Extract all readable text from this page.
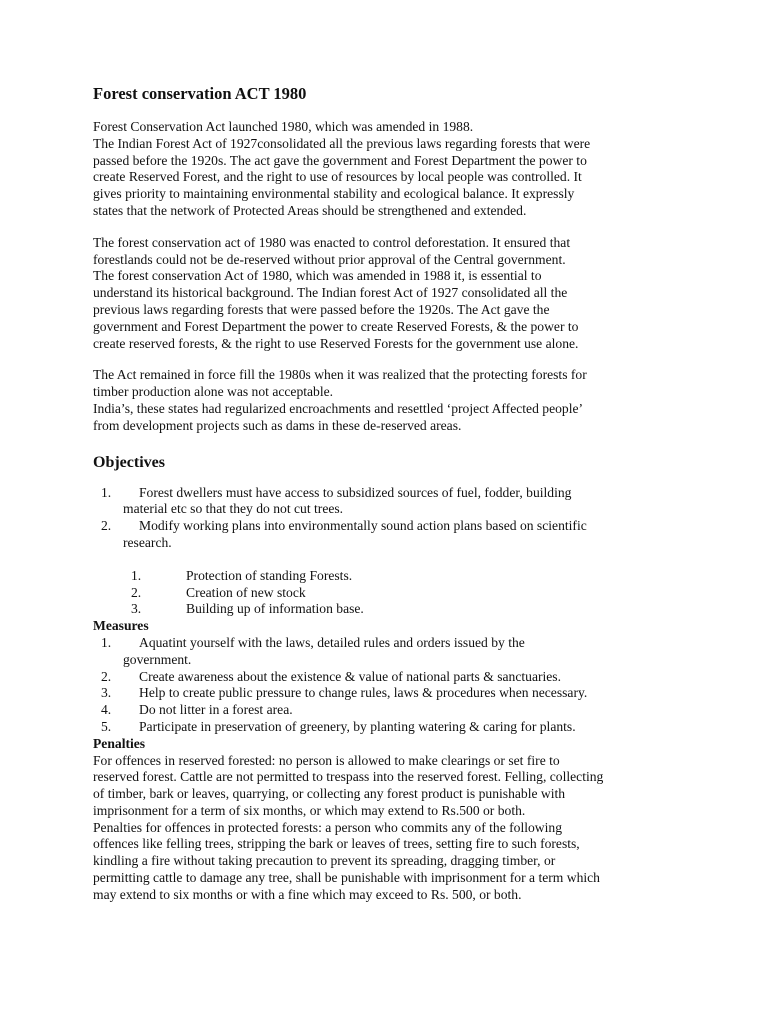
Forest conservation ACT 1980

Forest Conservation Act launched 1980, which was amended in 1988.
The Indian Forest Act of 1927consolidated all the previous laws regarding forests that were
passed before the 1920s. The act gave the government and Forest Department the power to
create Reserved Forest, and the right to use of resources by local people was controlled. It
gives priority to maintaining environmental stability and ecological balance. It expressly
states that the network of Protected Areas should be strengthened and extended.

The forest conservation act of 1980 was enacted to control deforestation. It ensured that
forestlands could not be de-reserved without prior approval of the Central government.
The forest conservation Act of 1980, which was amended in 1988 it, is essential to
understand its historical background. The Indian forest Act of 1927 consolidated all the
previous laws regarding forests that were passed before the 1920s. The Act gave the
government and Forest Department the power to create Reserved Forests, & the power to
create reserved forests, & the right to use Reserved Forests for the government use alone.

The Act remained in force fill the 1980s when it was realized that the protecting forests for
timber production alone was not acceptable.
India’s, these states had regularized encroachments and resettled ‘project Affected people’
from development projects such as dams in these de-reserved areas.

Objectives
1.	Forest dwellers must have access to subsidized sources of fuel, fodder, building
material etc so that they do not cut trees.
2.	Modify working plans into environmentally sound action plans based on scientific
research.
1.	Protection of standing Forests.
2.	Creation of new stock
3.	Building up of information base.
Measures
1.	Aquatint yourself with the laws, detailed rules and orders issued by the
government.
2.	Create awareness about the existence & value of national parts & sanctuaries.
3.	Help to create public pressure to change rules, laws & procedures when necessary.
4.	Do not litter in a forest area.
5.	Participate in preservation of greenery, by planting watering & caring for plants.
Penalties

For offences in reserved forested: no person is allowed to make clearings or set fire to
reserved forest. Cattle are not permitted to trespass into the reserved forest. Felling, collecting
of timber, bark or leaves, quarrying, or collecting any forest product is punishable with
imprisonment for a term of six months, or which may extend to Rs.500 or both.
Penalties for offences in protected forests: a person who commits any of the following
offences like felling trees, stripping the bark or leaves of trees, setting fire to such forests,
kindling a fire without taking precaution to prevent its spreading, dragging timber, or
permitting cattle to damage any tree, shall be punishable with imprisonment for a term which
may extend to six months or with a fine which may exceed to Rs. 500, or both.
